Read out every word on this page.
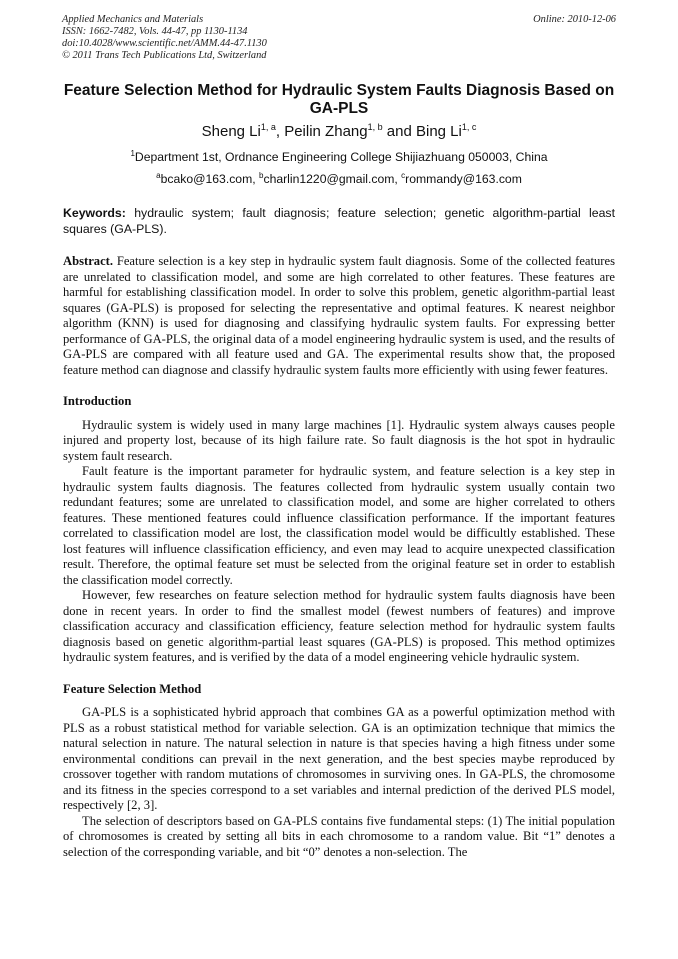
Applied Mechanics and Materials
ISSN: 1662-7482, Vols. 44-47, pp 1130-1134
doi:10.4028/www.scientific.net/AMM.44-47.1130
© 2011 Trans Tech Publications Ltd, Switzerland
Online: 2010-12-06
Feature Selection Method for Hydraulic System Faults Diagnosis Based on GA-PLS
Sheng Li$^{1, a}$, Peilin Zhang$^{1, b}$ and Bing Li$^{1, c}$
$^1$Department 1st, Ordnance Engineering College Shijiazhuang 050003, China
$^a$bcako@163.com, $^b$charlin1220@gmail.com, $^c$rommandy@163.com
Keywords: hydraulic system; fault diagnosis; feature selection; genetic algorithm-partial least squares (GA-PLS).

Abstract. Feature selection is a key step in hydraulic system fault diagnosis. Some of the collected features are unrelated to classification model, and some are high correlated to other features. These features are harmful for establishing classification model. In order to solve this problem, genetic algorithm-partial least squares (GA-PLS) is proposed for selecting the representative and optimal features. K nearest neighbor algorithm (KNN) is used for diagnosing and classifying hydraulic system faults. For expressing better performance of GA-PLS, the original data of a model engineering hydraulic system is used, and the results of GA-PLS are compared with all feature used and GA. The experimental results show that, the proposed feature method can diagnose and classify hydraulic system faults more efficiently with using fewer features.

Introduction

Hydraulic system is widely used in many large machines [1]. Hydraulic system always causes people injured and property lost, because of its high failure rate. So fault diagnosis is the hot spot in hydraulic system fault research.

Fault feature is the important parameter for hydraulic system, and feature selection is a key step in hydraulic system faults diagnosis. The features collected from hydraulic system usually contain two redundant features; some are unrelated to classification model, and some are higher correlated to others features. These mentioned features could influence classification performance. If the important features correlated to classification model are lost, the classification model would be difficultly established. These lost features will influence classification efficiency, and even may lead to acquire unexpected classification result. Therefore, the optimal feature set must be selected from the original feature set in order to establish the classification model correctly.

However, few researches on feature selection method for hydraulic system faults diagnosis have been done in recent years. In order to find the smallest model (fewest numbers of features) and improve classification accuracy and classification efficiency, feature selection method for hydraulic system faults diagnosis based on genetic algorithm-partial least squares (GA-PLS) is proposed. This method optimizes hydraulic system features, and is verified by the data of a model engineering vehicle hydraulic system.

Feature Selection Method

GA-PLS is a sophisticated hybrid approach that combines GA as a powerful optimization method with PLS as a robust statistical method for variable selection. GA is an optimization technique that mimics the natural selection in nature. The natural selection in nature is that species having a high fitness under some environmental conditions can prevail in the next generation, and the best species maybe reproduced by crossover together with random mutations of chromosomes in surviving ones. In GA-PLS, the chromosome and its fitness in the species correspond to a set variables and internal prediction of the derived PLS model, respectively [2, 3].

The selection of descriptors based on GA-PLS contains five fundamental steps: (1) The initial population of chromosomes is created by setting all bits in each chromosome to a random value. Bit “1” denotes a selection of the corresponding variable, and bit “0” denotes a non-selection. The
